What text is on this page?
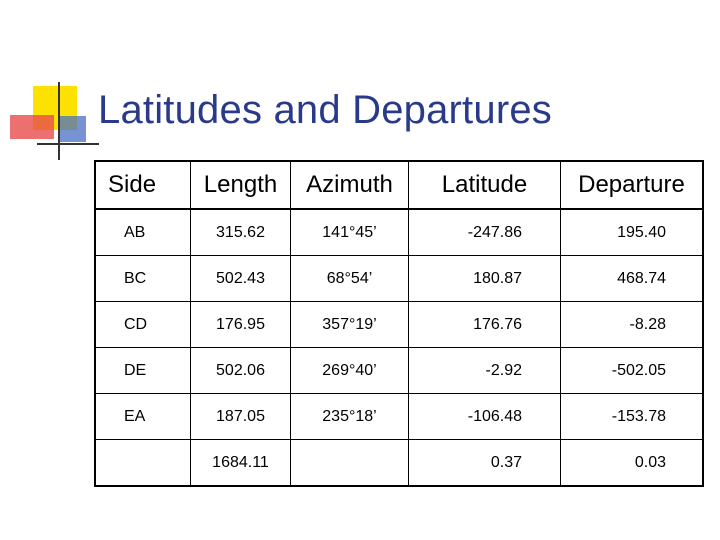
Latitudes and Departures
Side	Length	Azimuth	Latitude	Departure
AB	315.62	141°45’	-247.86	195.40
BC	502.43	68°54’	180.87	468.74
CD	176.95	357°19’	176.76	-8.28
DE	502.06	269°40’	-2.92	-502.05
EA	187.05	235°18’	-106.48	-153.78
	1684.11		0.37	0.03
